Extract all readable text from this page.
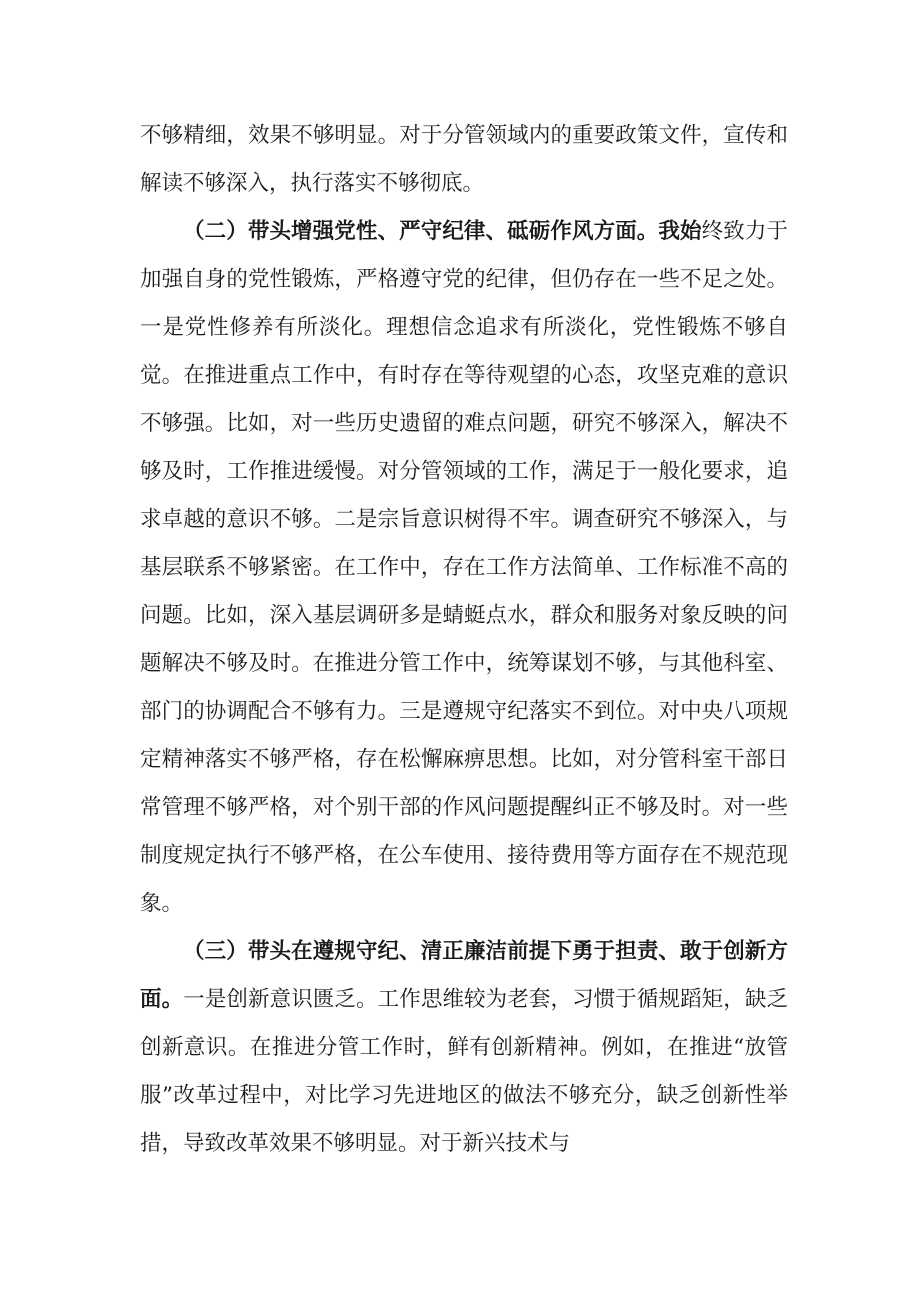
不够精细，效果不够明显。对于分管领域内的重要政策文件，宣传和解读不够深入，执行落实不够彻底。

（二）带头增强党性、严守纪律、砥砺作风方面。我始终致力于加强自身的党性锻炼，严格遵守党的纪律，但仍存在一些不足之处。一是党性修养有所淡化。理想信念追求有所淡化，党性锻炼不够自觉。在推进重点工作中，有时存在等待观望的心态，攻坚克难的意识不够强。比如，对一些历史遗留的难点问题，研究不够深入，解决不够及时，工作推进缓慢。对分管领域的工作，满足于一般化要求，追求卓越的意识不够。二是宗旨意识树得不牢。调查研究不够深入，与基层联系不够紧密。在工作中，存在工作方法简单、工作标准不高的问题。比如，深入基层调研多是蜻蜓点水，群众和服务对象反映的问题解决不够及时。在推进分管工作中，统筹谋划不够，与其他科室、部门的协调配合不够有力。三是遵规守纪落实不到位。对中央八项规定精神落实不够严格，存在松懈麻痹思想。比如，对分管科室干部日常管理不够严格，对个别干部的作风问题提醒纠正不够及时。对一些制度规定执行不够严格，在公车使用、接待费用等方面存在不规范现象。

（三）带头在遵规守纪、清正廉洁前提下勇于担责、敢于创新方面。一是创新意识匮乏。工作思维较为老套，习惯于循规蹈矩，缺乏创新意识。在推进分管工作时，鲜有创新精神。例如，在推进“放管服”改革过程中，对比学习先进地区的做法不够充分，缺乏创新性举措，导致改革效果不够明显。对于新兴技术与
